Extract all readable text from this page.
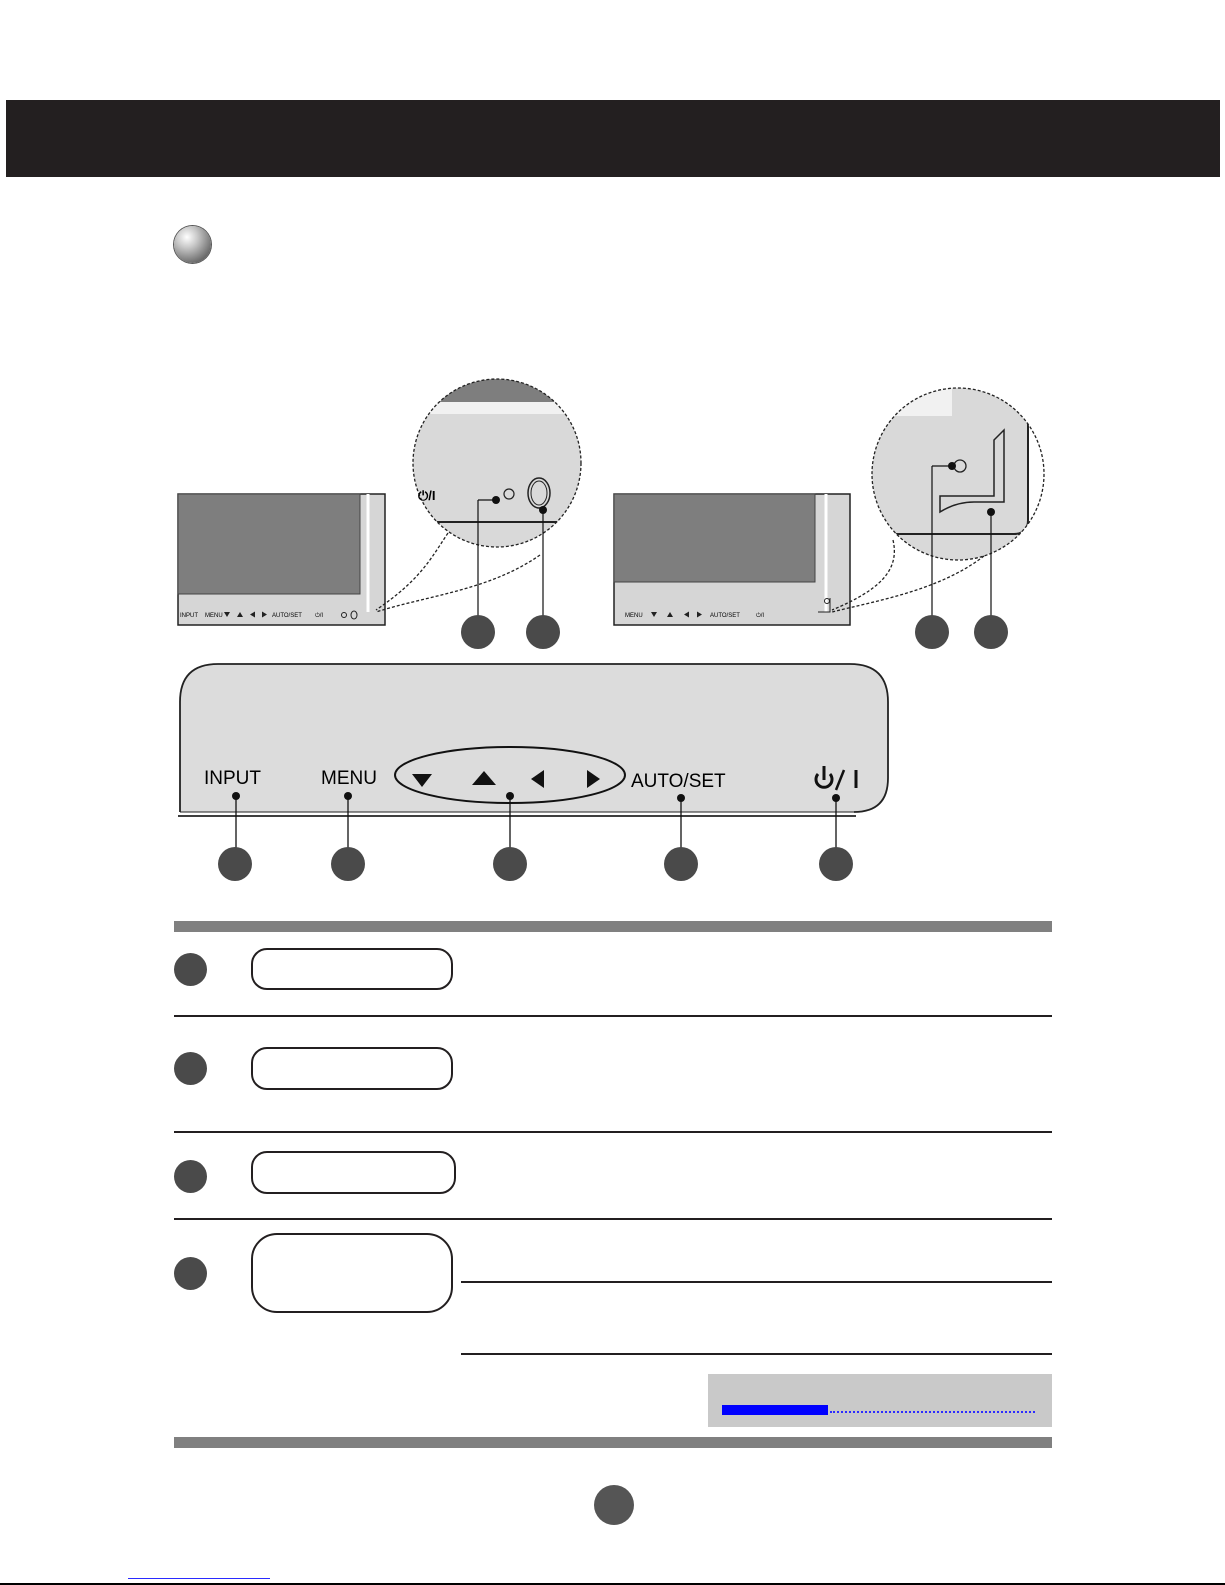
INPUT MENU	AUTO/SET ⏻/I
⏻/I
MENU	AUTO/SET	⏻/I
INPUT	MENU	AUTO/SET
